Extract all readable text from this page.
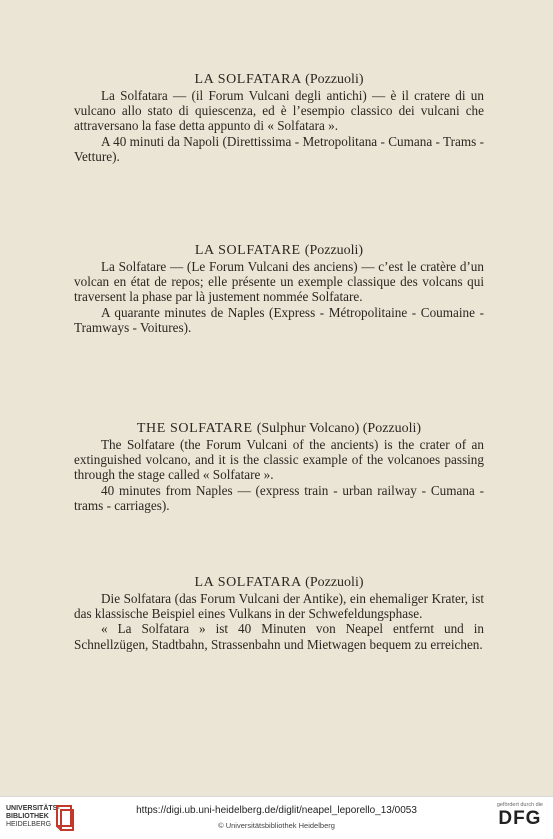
LA SOLFATARA (Pozzuoli)

La Solfatara — (il Forum Vulcani degli antichi) — è il cratere di un vulcano allo stato di quiescenza, ed è l’esempio classico dei vulcani che attraversano la fase detta appunto di « Solfatara ».

A 40 minuti da Napoli (Direttissima - Metropolitana - Cumana - Trams - Vetture).

LA SOLFATARE (Pozzuoli)

La Solfatare — (Le Forum Vulcani des anciens) — c’est le cratère d’un volcan en état de repos; elle présente un exemple classique des volcans qui traversent la phase par là justement nommée Solfatare.

A quarante minutes de Naples (Express - Métropolitaine - Coumaine - Tramways - Voitures).

THE SOLFATARE (Sulphur Volcano) (Pozzuoli)

The Solfatare (the Forum Vulcani of the ancients) is the crater of an extinguished volcano, and it is the classic example of the volcanoes passing through the stage called « Solfatare ».

40 minutes from Naples — (express train - urban railway - Cumana - trams - carriages).

LA SOLFATARA (Pozzuoli)

Die Solfatara (das Forum Vulcani der Antike), ein ehemaliger Krater, ist das klassische Beispiel eines Vulkans in der Schwefeldungsphase.

« La Solfatara » ist 40 Minuten von Neapel entfernt und in Schnellzügen, Stadtbahn, Strassenbahn und Mietwagen bequem zu erreichen.

UNIVERSITÄTS-
BIBLIOTHEK
HEIDELBERG
https://digi.ub.uni-heidelberg.de/diglit/neapel_leporello_13/0053
© Universitätsbibliothek Heidelberg
gefördert durch die
DFG
